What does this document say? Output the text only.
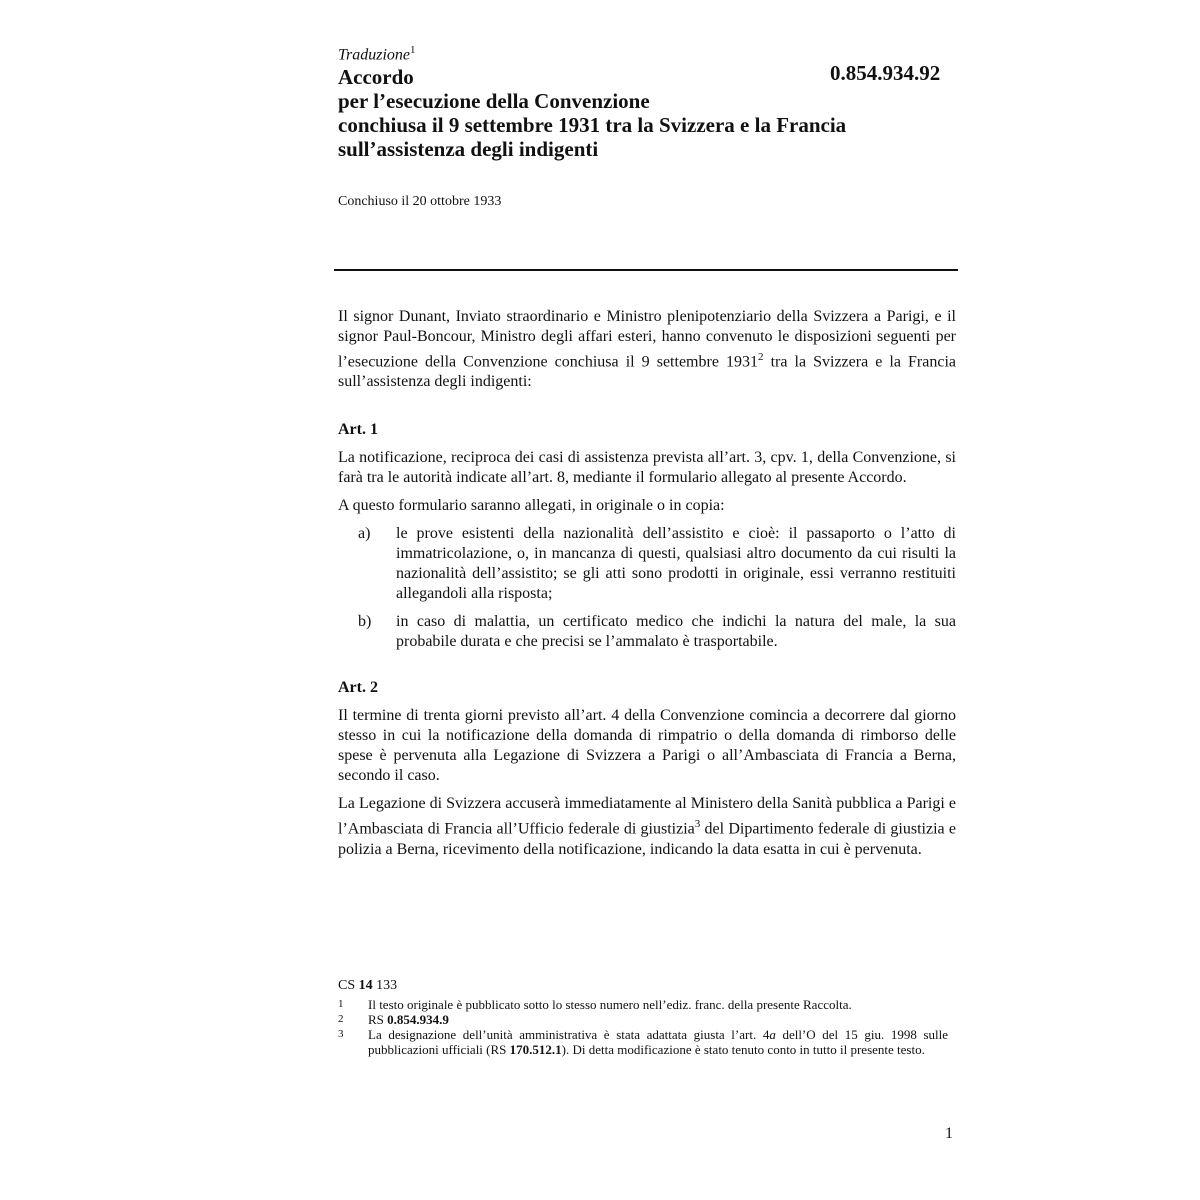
Traduzione$^1$
Accordo
per l’esecuzione della Convenzione
conchiusa il 9 settembre 1931 tra la Svizzera e la Francia
sull’assistenza degli indigenti
Conchiuso il 20 ottobre 1933
0.854.934.92

Il signor Dunant, Inviato straordinario e Ministro plenipotenziario della Svizzera a Parigi, e il signor Paul-Boncour, Ministro degli affari esteri, hanno convenuto le disposizioni seguenti per l’esecuzione della Convenzione conchiusa il 9 settembre 1931$^2$ tra la Svizzera e la Francia sull’assistenza degli indigenti:

Art. 1

La notificazione, reciproca dei casi di assistenza prevista all’art. 3, cpv. 1, della Convenzione, si farà tra le autorità indicate all’art. 8, mediante il formulario allegato al presente Accordo.

A questo formulario saranno allegati, in originale o in copia:

a)	le prove esistenti della nazionalità dell’assistito e cioè: il passaporto o l’atto di immatricolazione, o, in mancanza di questi, qualsiasi altro documento da cui risulti la nazionalità dell’assistito; se gli atti sono prodotti in originale, essi verranno restituiti allegandoli alla risposta;
b)	in caso di malattia, un certificato medico che indichi la natura del male, la sua probabile durata e che precisi se l’ammalato è trasportabile.
Art. 2

Il termine di trenta giorni previsto all’art. 4 della Convenzione comincia a decorrere dal giorno stesso in cui la notificazione della domanda di rimpatrio o della domanda di rimborso delle spese è pervenuta alla Legazione di Svizzera a Parigi o all’Ambasciata di Francia a Berna, secondo il caso.

La Legazione di Svizzera accuserà immediatamente al Ministero della Sanità pubblica a Parigi e l’Ambasciata di Francia all’Ufficio federale di giustizia$^3$ del Dipartimento federale di giustizia e polizia a Berna, ricevimento della notificazione, indicando la data esatta in cui è pervenuta.

CS 14 133
1	Il testo originale è pubblicato sotto lo stesso numero nell’ediz. franc. della presente Raccolta.
2	RS 0.854.934.9
3	La designazione dell’unità amministrativa è stata adattata giusta l’art. 4a dell’O del 15 giu. 1998 sulle pubblicazioni ufficiali (RS 170.512.1). Di detta modificazione è stato tenuto conto in tutto il presente testo.
1
